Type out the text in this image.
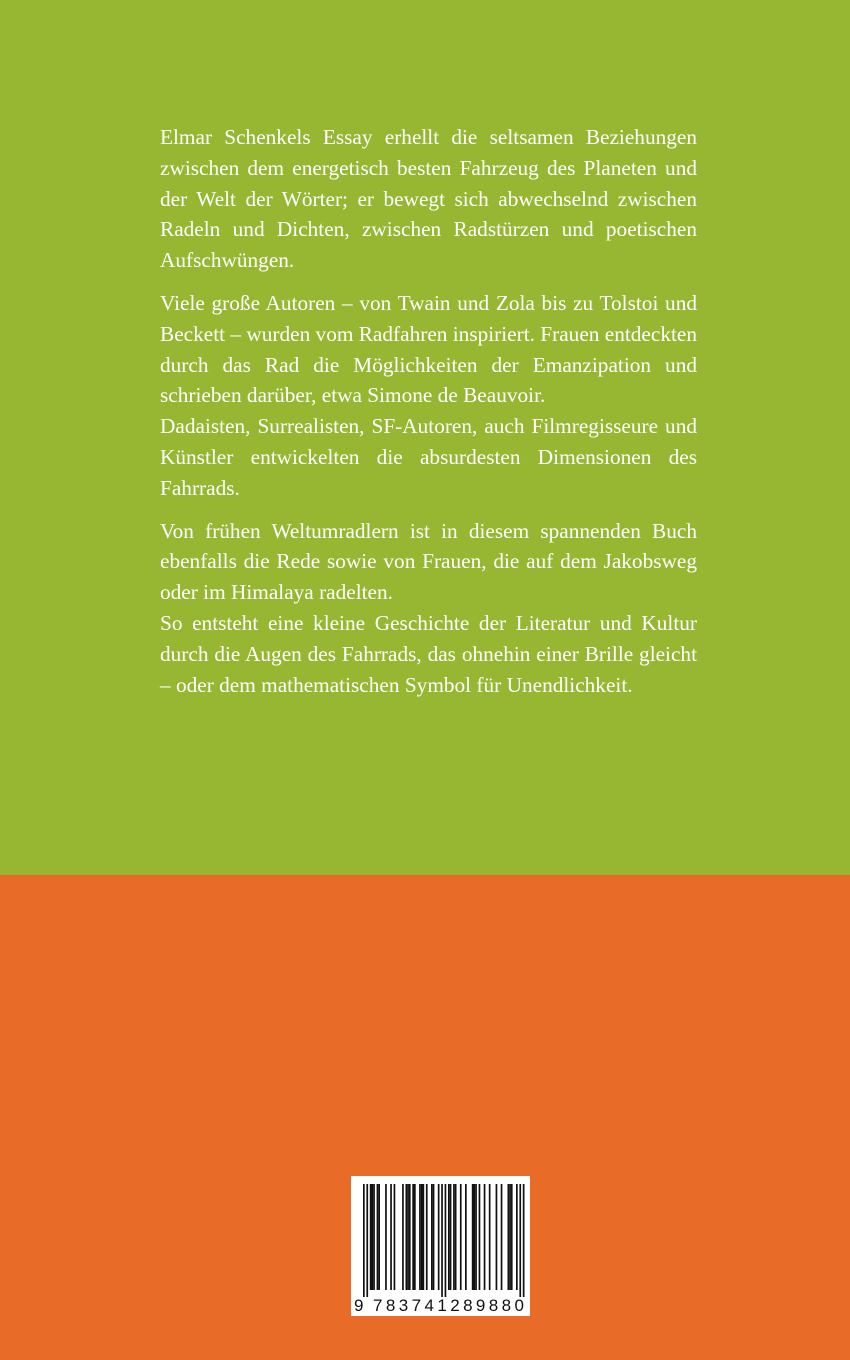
Elmar Schenkels Essay erhellt die seltsamen Beziehungen zwischen dem energetisch besten Fahrzeug des Planeten und der Welt der Wörter; er bewegt sich abwechselnd zwischen Radeln und Dichten, zwischen Radstürzen und poetischen Aufschwüngen.

Viele große Autoren – von Twain und Zola bis zu Tolstoi und Beckett – wurden vom Radfahren inspiriert. Frauen entdeckten durch das Rad die Möglichkeiten der Emanzipation und schrieben darüber, etwa Simone de Beauvoir.

Dadaisten, Surrealisten, SF-Autoren, auch Filmregisseure und Künstler entwickelten die absurdesten Dimensionen des Fahrrads.

Von frühen Weltumradlern ist in diesem spannenden Buch ebenfalls die Rede sowie von Frauen, die auf dem Jakobsweg oder im Himalaya radelten.

So entsteht eine kleine Geschichte der Literatur und Kultur durch die Augen des Fahrrads, das ohnehin einer Brille gleicht – oder dem mathematischen Symbol für Unendlichkeit.

9 783741289880
